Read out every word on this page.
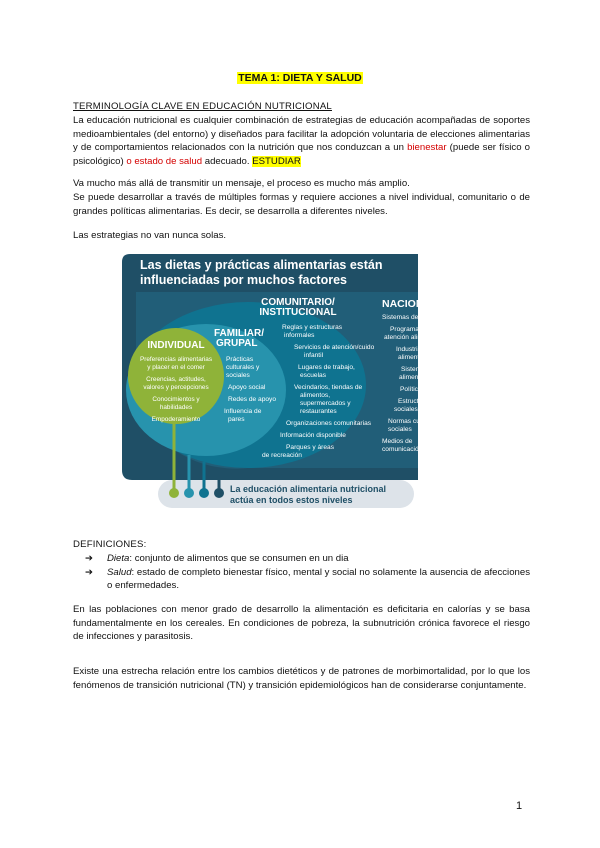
TEMA 1: DIETA Y SALUD
TERMINOLOGÍA CLAVE EN EDUCACIÓN NUTRICIONAL
La educación nutricional es cualquier combinación de estrategias de educación acompañadas de soportes medioambientales (del entorno) y diseñados para facilitar la adopción voluntaria de elecciones alimentarias y de comportamientos relacionados con la nutrición que nos conduzcan a un bienestar (puede ser físico o psicológico) o estado de salud adecuado. ESTUDIAR
Va mucho más allá de transmitir un mensaje, el proceso es mucho más amplio.
Se puede desarrollar a través de múltiples formas y requiere acciones a nivel individual, comunitario o de grandes políticas alimentarias. Es decir, se desarrolla a diferentes niveles.
Las estrategias no van nunca solas.
Las dietas y prácticas alimentarias están
influenciadas por muchos factores
NACIONAL
Sistemas de salud
Programas de
atención alimentaria
Industria de
alimentos
Sistemas
alimentarios
Políticas
Estructuras
sociales y políticas
Normas culturales y
sociales
Medios de
comunicación
COMUNITARIO/
INSTITUCIONAL
Reglas y estructuras
informales
Servicios de atención/cuido
infantil
Lugares de trabajo,
escuelas
Vecindarios, tiendas de
alimentos,
supermercados y
restaurantes
Organizaciones comunitarias
Información disponible
Parques y áreas
de recreación
FAMILIAR/
GRUPAL
Prácticas
culturales y
sociales
Apoyo social
Redes de apoyo
Influencia de
pares
INDIVIDUAL
Preferencias alimentarias
y placer en el comer
Creencias, actitudes,
valores y percepciones
Conocimientos y
habilidades
Empoderamiento
La educación alimentaria nutricional
actúa en todos estos niveles
DEFINICIONES:
➔ Dieta: conjunto de alimentos que se consumen en un dia
➔ Salud: estado de completo bienestar físico, mental y social no solamente la ausencia de afecciones o enfermedades.
En las poblaciones con menor grado de desarrollo la alimentación es deficitaria en calorías y se basa fundamentalmente en los cereales. En condiciones de pobreza, la subnutrición crónica favorece el riesgo de infecciones y parasitosis.
Existe una estrecha relación entre los cambios dietéticos y de patrones de morbimortalidad, por lo que los fenómenos de transición nutricional (TN) y transición epidemiológicos han de considerarse conjuntamente.
1
